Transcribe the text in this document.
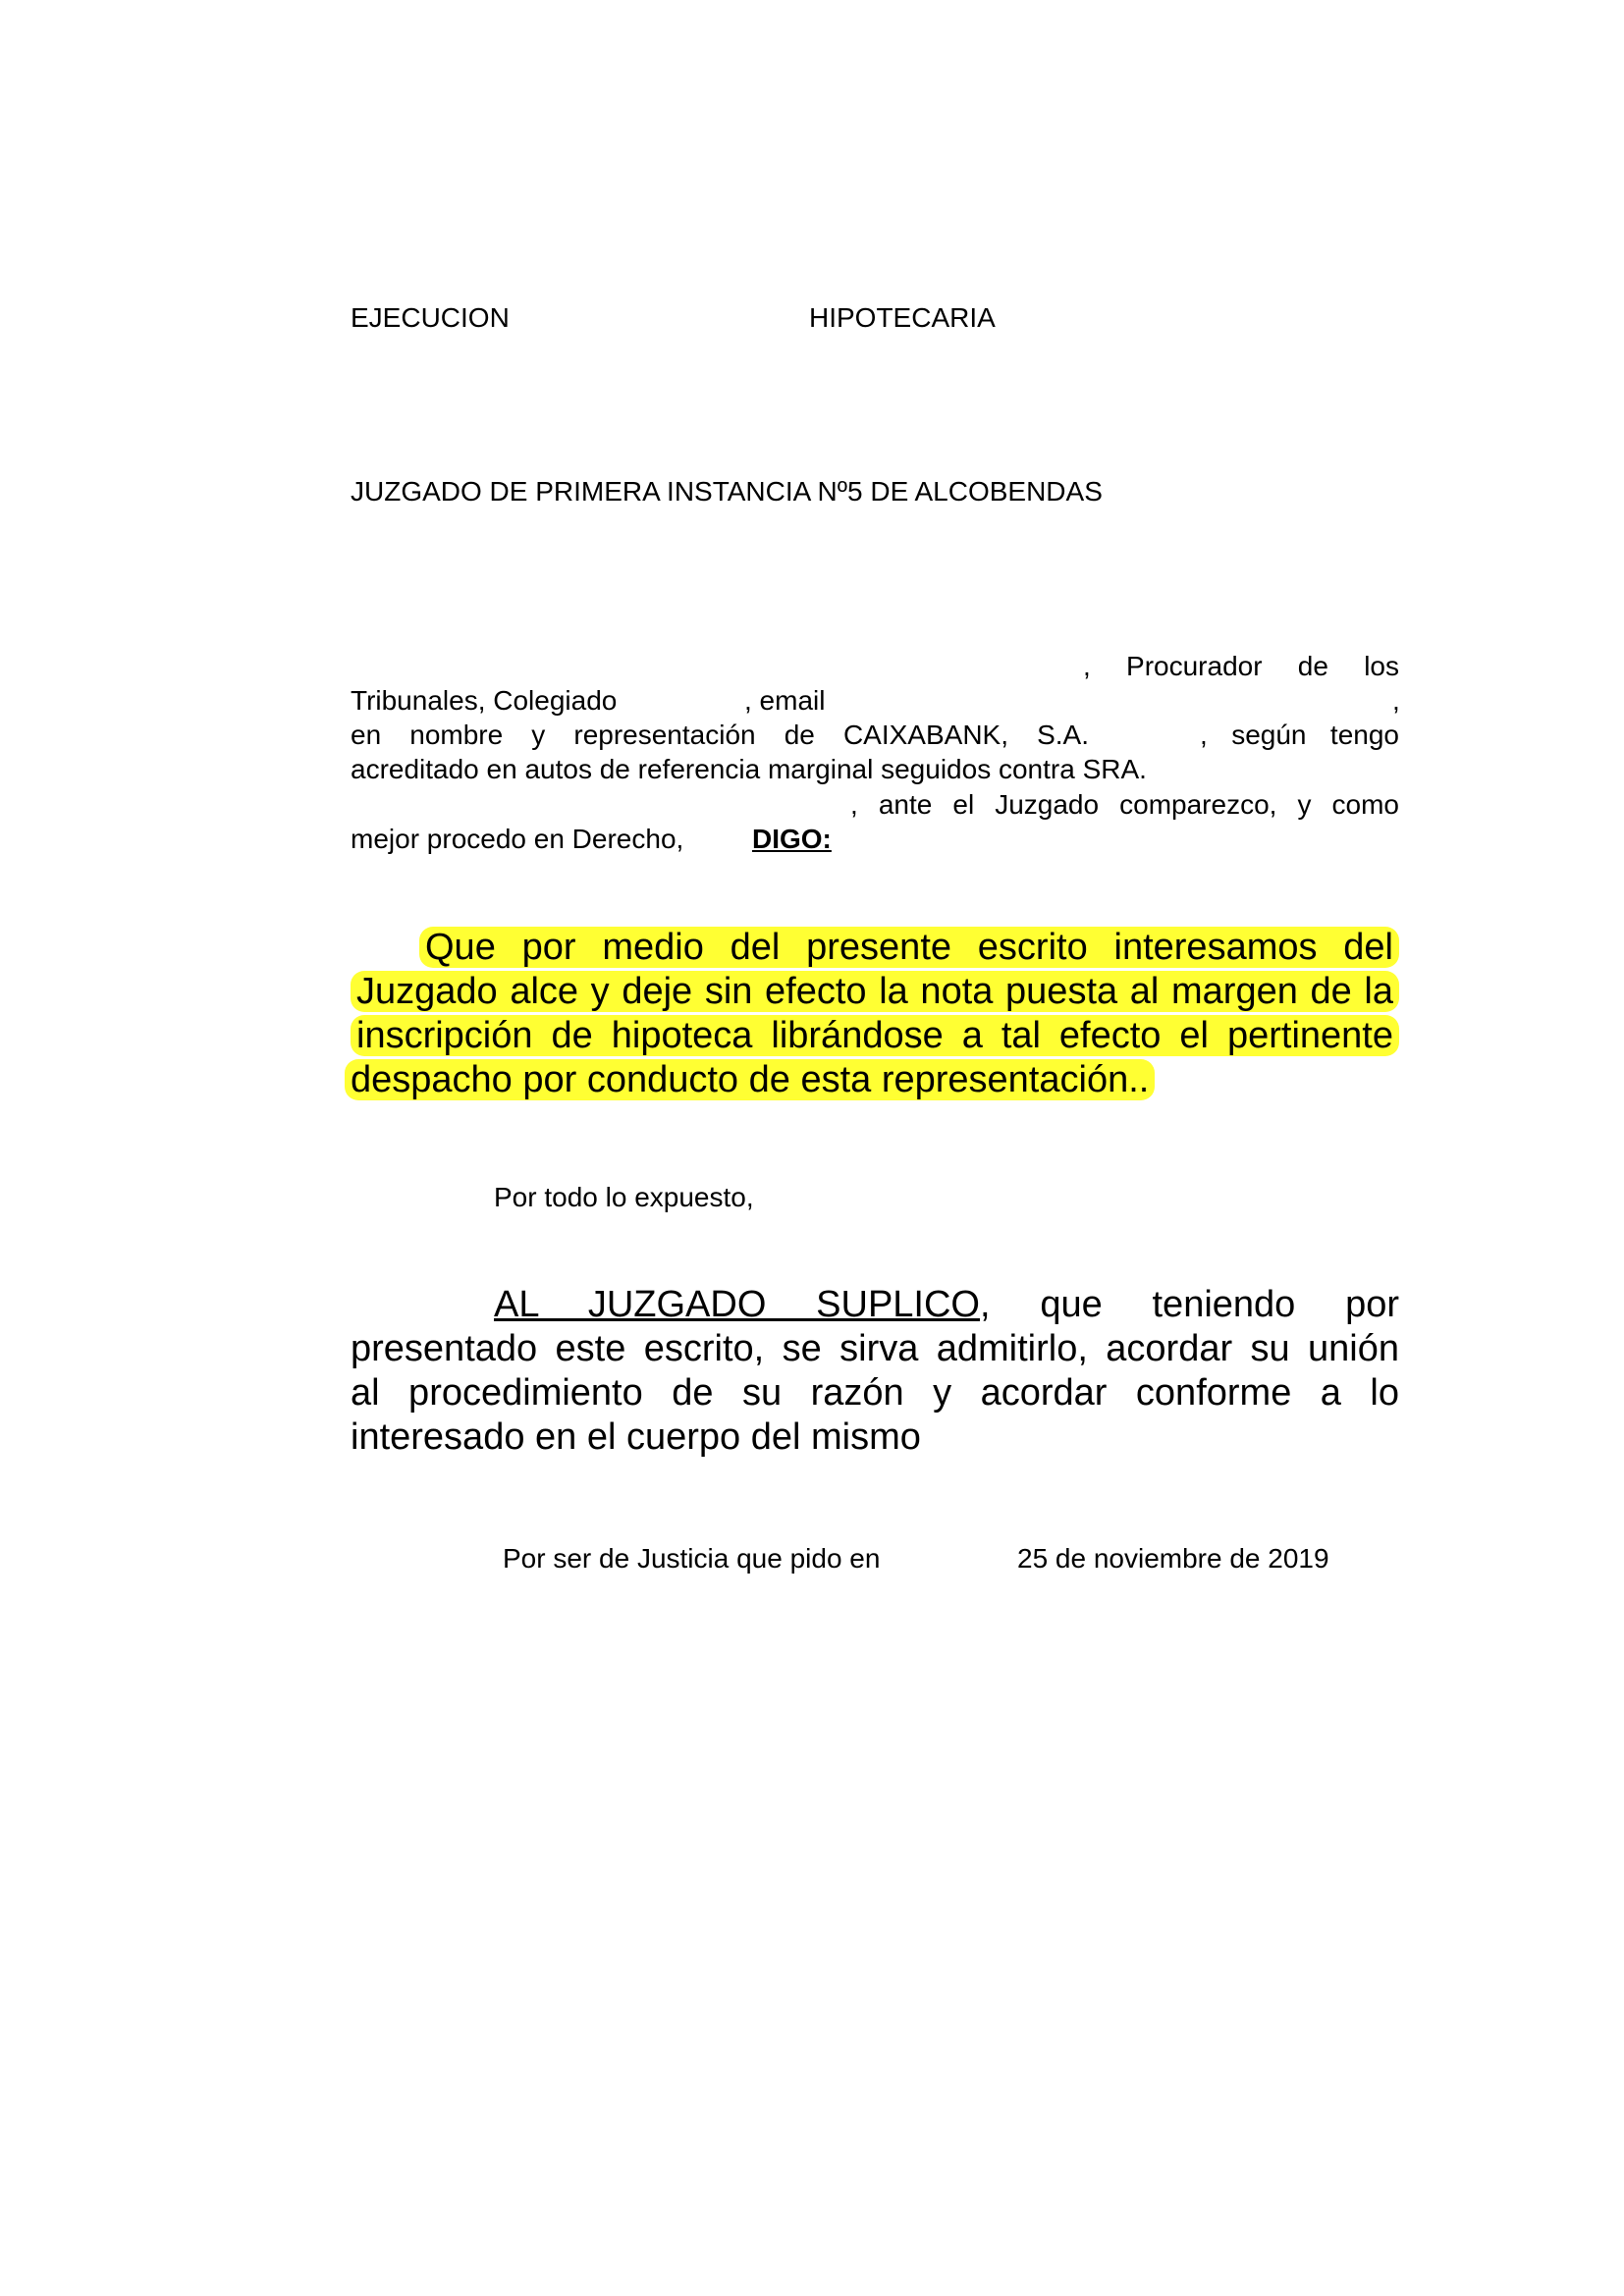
EJECUCION	HIPOTECARIA
JUZGADO DE PRIMERA INSTANCIA Nº5 DE ALCOBENDAS
, Procurador de los
Tribunales, Colegiado	, email	,
en nombre y representación de CAIXABANK, S.A.	, según tengo
acreditado en autos de referencia marginal seguidos contra SRA.
, ante el Juzgado comparezco, y como
mejor procedo en Derecho, DIGO:
Que por medio del presente escrito interesamos del
Juzgado alce y deje sin efecto la nota puesta al margen de la
inscripción de hipoteca librándose a tal efecto el pertinente
despacho por conducto de esta representación..
Por todo lo expuesto,
AL JUZGADO SUPLICO, que teniendo por
presentado este escrito, se sirva admitirlo, acordar su unión
al procedimiento de su razón y acordar conforme a lo
interesado en el cuerpo del mismo
Por ser de Justicia que pido en	25 de noviembre de 2019
